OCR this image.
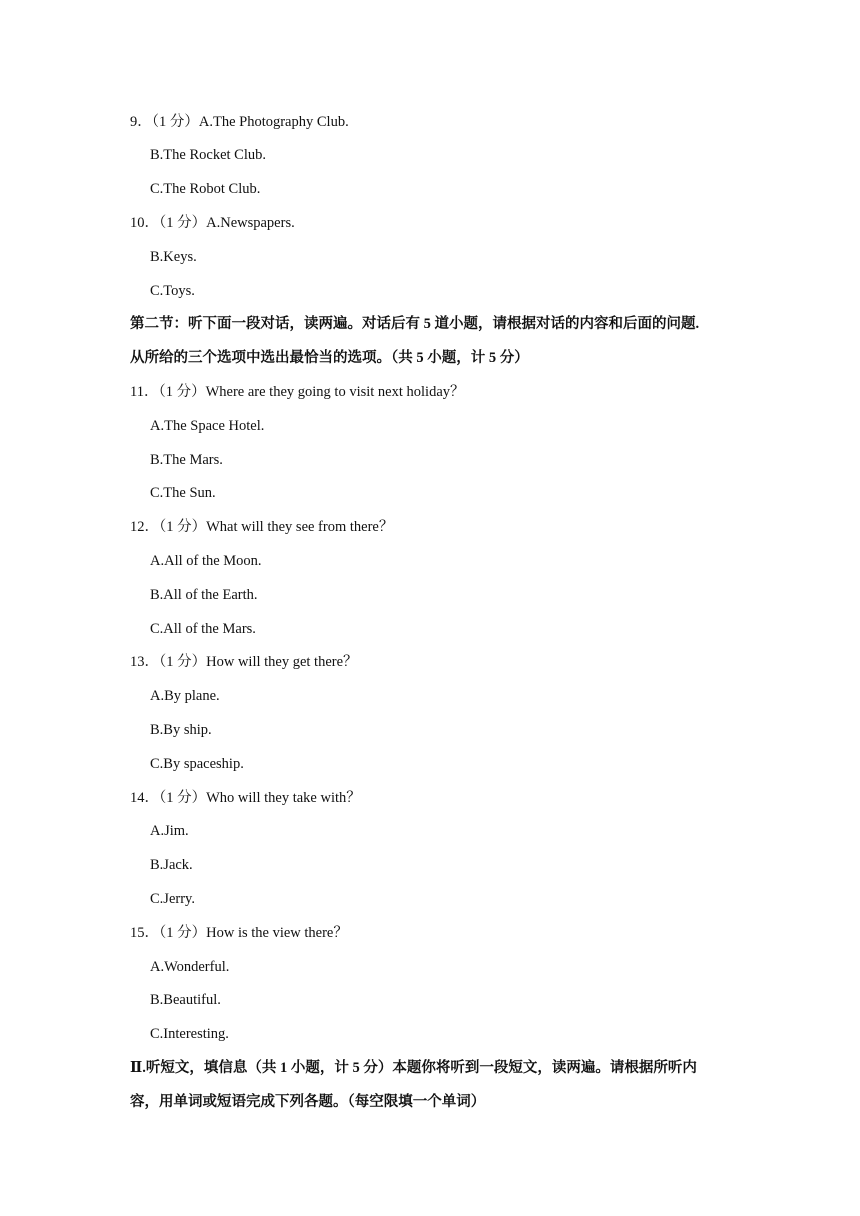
9．（1 分）A.The Photography Club.
B.The Rocket Club.
C.The Robot Club.
10．（1 分）A.Newspapers.
B.Keys.
C.Toys.
第二节：听下面一段对话，读两遍。对话后有 5 道小题，请根据对话的内容和后面的问题.
从所给的三个选项中选出最恰当的选项。（共 5 小题，计 5 分）
11．（1 分）Where are they going to visit next holiday？
A.The Space Hotel.
B.The Mars.
C.The Sun.
12．（1 分）What will they see from there？
A.All of the Moon.
B.All of the Earth.
C.All of the Mars.
13．（1 分）How will they get there？
A.By plane.
B.By ship.
C.By spaceship.
14．（1 分）Who will they take with？
A.Jim.
B.Jack.
C.Jerry.
15．（1 分）How is the view there？
A.Wonderful.
B.Beautiful.
C.Interesting.
Ⅱ.听短文，填信息（共 1 小题，计 5 分）本题你将听到一段短文，读两遍。请根据所听内
容，用单词或短语完成下列各题。（每空限填一个单词）
